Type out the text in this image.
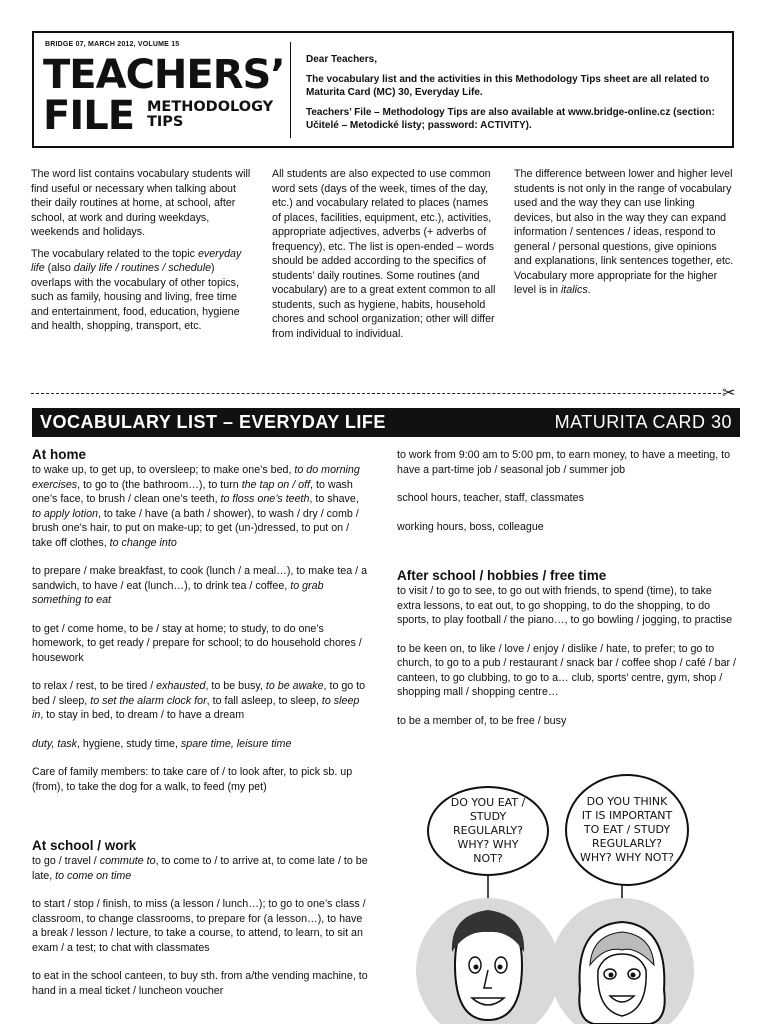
BRIDGE 07, MARCH 2012, VOLUME 15
TEACHERS’
FILE METHODOLOGY
TIPS

Dear Teachers,

The vocabulary list and the activities in this Methodology Tips sheet are all related to Maturita Card (MC) 30, Everyday Life.

Teachers’ File – Methodology Tips are also available at www.bridge-online.cz (section: Učitelé – Metodické listy; password: ACTIVITY).

The word list contains vocabulary students will find useful or necessary when talking about their daily routines at home, at school, after school, at work and during weekdays, weekends and holidays.

The vocabulary related to the topic everyday life (also daily life / routines / schedule) overlaps with the vocabulary of other topics, such as family, housing and living, free time and entertainment, food, education, hygiene and health, shopping, transport, etc.

All students are also expected to use common word sets (days of the week, times of the day, etc.) and vocabulary related to places (names of places, facilities, equipment, etc.), activities, appropriate adjectives, adverbs (+ adverbs of frequency), etc. The list is open-ended – words should be added according to the specifics of students’ daily routines. Some routines (and vocabulary) are to a great extent common to all students, such as hygiene, habits, household chores and school organization; other will differ from individual to individual.

The difference between lower and higher level students is not only in the range of vocabulary used and the way they can use linking devices, but also in the way they can expand information / sentences / ideas, respond to general / personal questions, give opinions and explanations, link sentences together, etc. Vocabulary more appropriate for the higher level is in italics.

✂
VOCABULARY LIST – EVERYDAY LIFE	MATURITA CARD 30
At home

to wake up, to get up, to oversleep; to make one’s bed, to do morning exercises, to go to (the bathroom…), to turn the tap on / off, to wash one’s face, to brush / clean one’s teeth, to floss one’s teeth, to shave, to apply lotion, to take / have (a bath / shower), to wash / dry / comb / brush one’s hair, to put on make-up; to get (un-)dressed, to put on / take off clothes, to change into

to prepare / make breakfast, to cook (lunch / a meal…), to make tea / a sandwich, to have / eat (lunch…), to drink tea / coffee, to grab something to eat

to get / come home, to be / stay at home; to study, to do one’s homework, to get ready / prepare for school; to do household chores / housework

to relax / rest, to be tired / exhausted, to be busy, to be awake, to go to bed / sleep, to set the alarm clock for, to fall asleep, to sleep, to sleep in, to stay in bed, to dream / to have a dream

duty, task, hygiene, study time, spare time, leisure time

Care of family members: to take care of / to look after, to pick sb. up (from), to take the dog for a walk, to feed (my pet)

At school / work

to go / travel / commute to, to come to / to arrive at, to come late / to be late, to come on time

to start / stop / finish, to miss (a lesson / lunch…); to go to one’s class / classroom, to change classrooms, to prepare for (a lesson…), to have a break / lesson / lecture, to take a course, to attend, to learn, to sit an exam / a test; to chat with classmates

to eat in the school canteen, to buy sth. from a/the vending machine, to hand in a meal ticket / luncheon voucher

to work from 9:00 am to 5:00 pm, to earn money, to have a meeting, to have a part-time job / seasonal job / summer job

school hours, teacher, staff, classmates

working hours, boss, colleague

After school / hobbies / free time

to visit / to go to see, to go out with friends, to spend (time), to take extra lessons, to eat out, to go shopping, to do the shopping, to do sports, to play football / the piano…, to go bowling / jogging, to practise

to be keen on, to like / love / enjoy / dislike / hate, to prefer; to go to church, to go to a pub / restaurant / snack bar / coffee shop / café / bar / canteen, to go clubbing, to go to a… club, sports’ centre, gym, shop / shopping mall / shopping centre…

to be a member of, to be free / busy

DO YOU EAT / STUDY REGULARLY? WHY? WHY NOT?
DO YOU THINK IT IS IMPORTANT TO EAT / STUDY REGULARLY? WHY? WHY NOT?
